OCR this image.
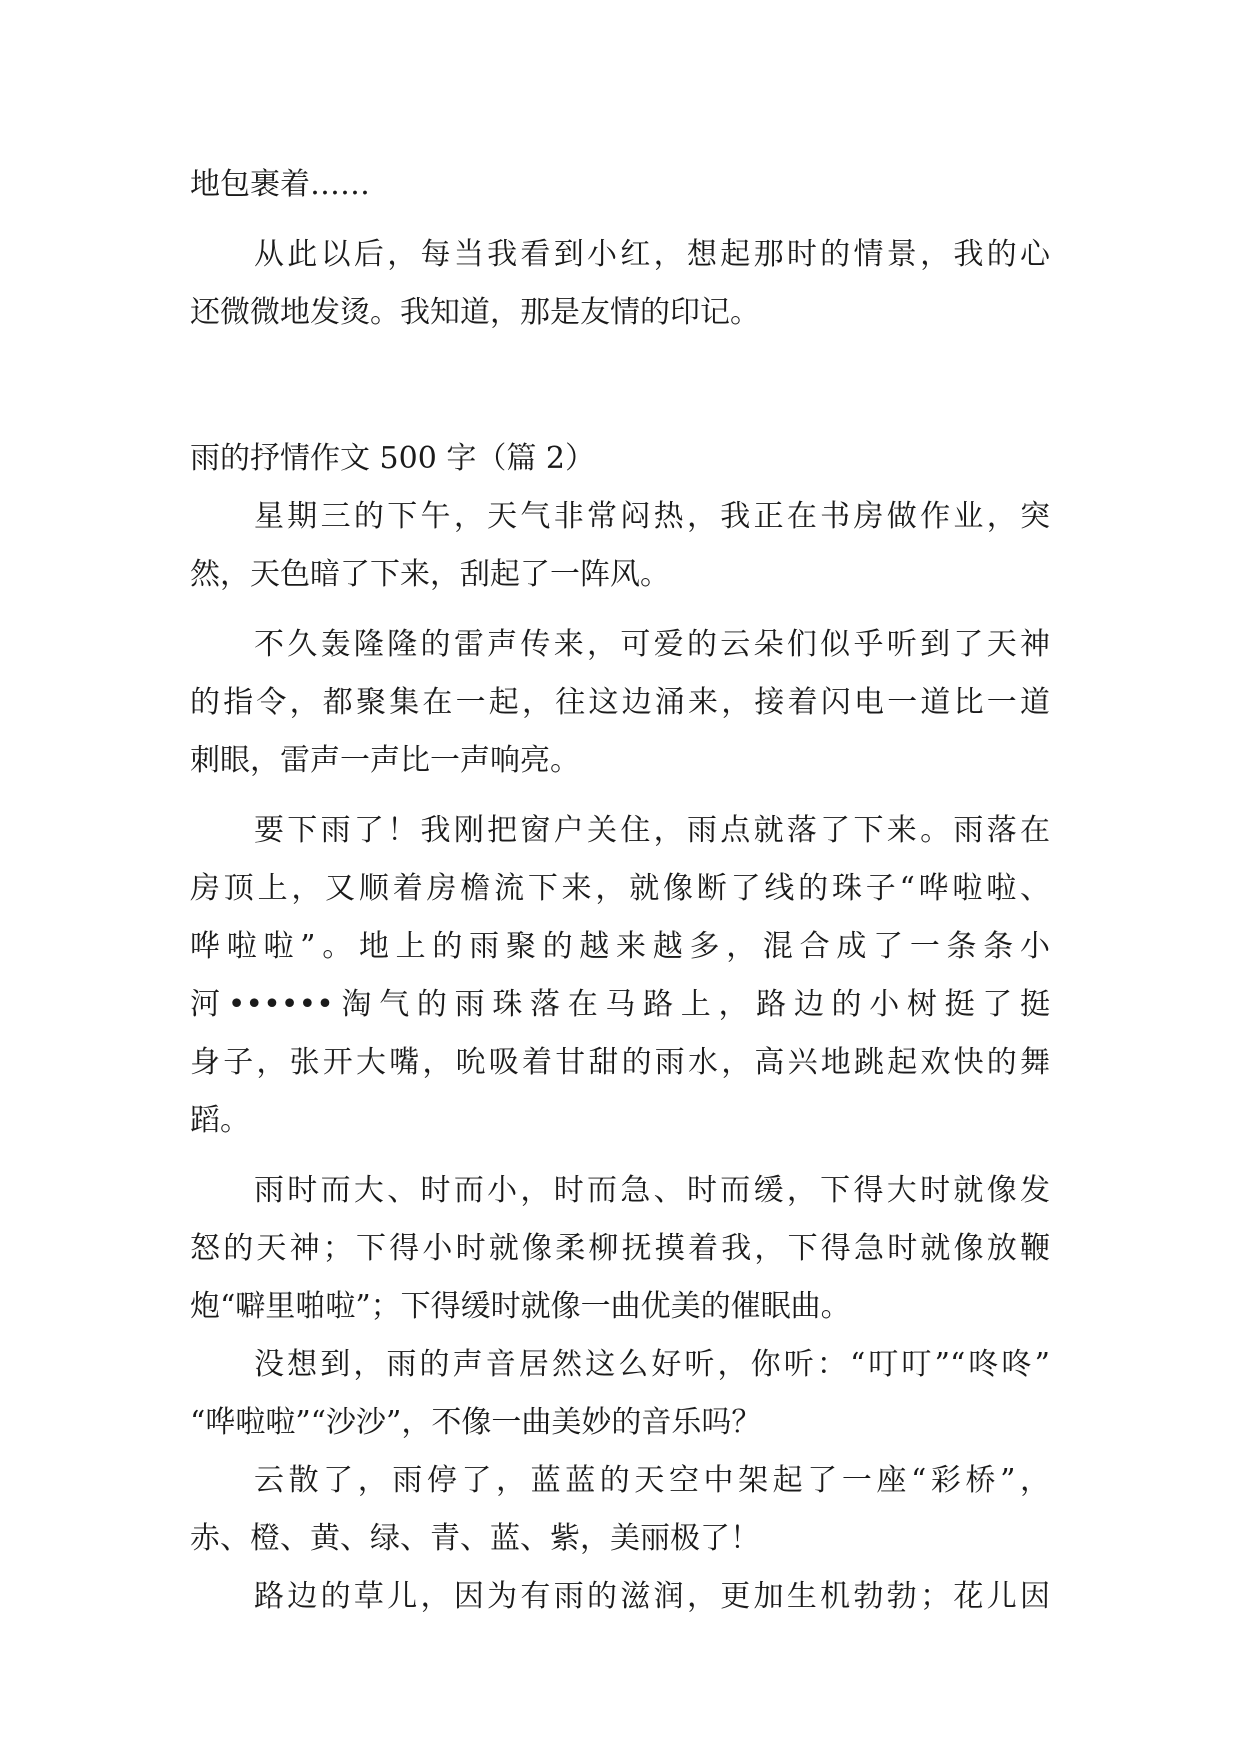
地包裹着……
从此以后，每当我看到小红，想起那时的情景，我的心
还微微地发烫。我知道，那是友情的印记。
雨的抒情作文 500 字（篇 2）
星期三的下午，天气非常闷热，我正在书房做作业，突
然，天色暗了下来，刮起了一阵风。
不久轰隆隆的雷声传来，可爱的云朵们似乎听到了天神
的指令，都聚集在一起，往这边涌来，接着闪电一道比一道
刺眼，雷声一声比一声响亮。
要下雨了！我刚把窗户关住，雨点就落了下来。雨落在
房顶上，又顺着房檐流下来，就像断了线的珠子“哗啦啦、
哗啦啦”。地上的雨聚的越来越多，混合成了一条条小
河••••••淘气的雨珠落在马路上，路边的小树挺了挺
身子，张开大嘴，吮吸着甘甜的雨水，高兴地跳起欢快的舞
蹈。
雨时而大、时而小，时而急、时而缓，下得大时就像发
怒的天神；下得小时就像柔柳抚摸着我，下得急时就像放鞭
炮“噼里啪啦”；下得缓时就像一曲优美的催眠曲。
没想到，雨的声音居然这么好听，你听：“叮叮”“咚咚”
“哗啦啦”“沙沙”，不像一曲美妙的音乐吗？
云散了，雨停了，蓝蓝的天空中架起了一座“彩桥”，
赤、橙、黄、绿、青、蓝、紫，美丽极了！
路边的草儿，因为有雨的滋润，更加生机勃勃；花儿因
